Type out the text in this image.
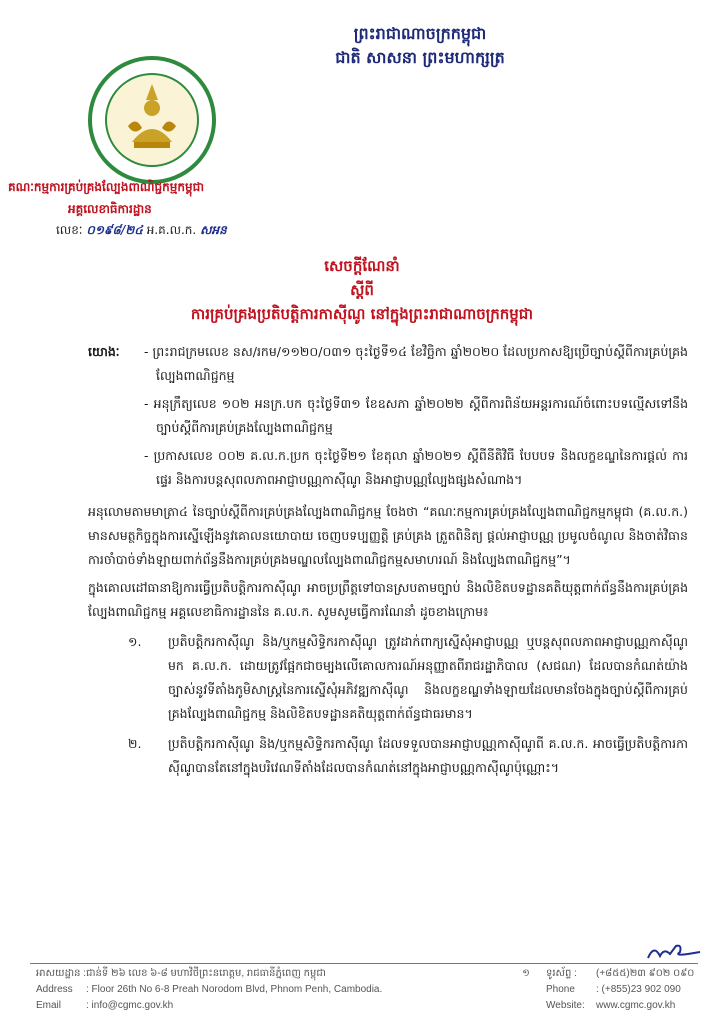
ព្រះរាជាណាចក្រកម្ពុជា
ជាតិ សាសនា ព្រះមហាក្សត្រ
គណៈកម្មការគ្រប់គ្រងល្បែងពាណិជ្ជកម្មកម្ពុជា
អគ្គលេខាធិការដ្ឋាន
លេខៈ ០១៩៨/២៤ អ.គ.ល.ក. សអន
សេចក្តីណែនាំ
ស្តីពី
ការគ្រប់គ្រងប្រតិបត្តិការកាស៊ីណូ នៅក្នុងព្រះរាជាណាចក្រកម្ពុជា
យោងៈ	- ព្រះរាជក្រមលេខ នស/រកម/១១២០/០៣១ ចុះថ្ងៃទី១៤ ខែវិច្ឆិកា ឆ្នាំ២០២០ ដែលប្រកាសឱ្យប្រើច្បាប់ស្តីពីការគ្រប់គ្រងល្បែងពាណិជ្ជកម្ម

- អនុក្រឹត្យលេខ ១០២ អនក្រ.បក ចុះថ្ងៃទី៣១ ខែឧសភា ឆ្នាំ២០២២ ស្តីពីការពិន័យអន្តរការណ៍ចំពោះបទល្មើសទៅនឹងច្បាប់ស្តីពីការគ្រប់គ្រងល្បែងពាណិជ្ជកម្ម

- ប្រកាសលេខ ០០២ គ.ល.ក.ប្រក ចុះថ្ងៃទី២១ ខែតុលា ឆ្នាំ២០២១ ស្តីពីនីតិវិធី បែបបទ និងលក្ខខណ្ឌនៃការផ្តល់ ការផ្ទេរ និងការបន្តសុពលភាពអាជ្ញាបណ្ណកាស៊ីណូ និងអាជ្ញាបណ្ណល្បែងផ្សងសំណាង។

អនុលោមតាមមាត្រា៤ នៃច្បាប់ស្តីពីការគ្រប់គ្រងល្បែងពាណិជ្ជកម្ម ចែងថា “គណៈកម្មការគ្រប់គ្រងល្បែងពាណិជ្ជកម្មកម្ពុជា (គ.ល.ក.) មានសមត្ថកិច្ចក្នុងការស្នើឡើងនូវគោលនយោបាយ ចេញបទប្បញ្ញត្តិ គ្រប់គ្រង ត្រួតពិនិត្យ ផ្តល់អាជ្ញាបណ្ណ ប្រមូលចំណូល និងចាត់វិធានការចាំបាច់ទាំងឡាយពាក់ព័ន្ធនឹងការគ្រប់គ្រងមណ្ឌលល្បែងពាណិជ្ជកម្មសមាហរណ៍ និងល្បែងពាណិជ្ជកម្ម”។

ក្នុងគោលដៅធានាឱ្យការធ្វើប្រតិបត្តិការកាស៊ីណូ អាចប្រព្រឹត្តទៅបានស្របតាមច្បាប់ និងលិខិតបទដ្ឋានគតិយុត្តពាក់ព័ន្ធនឹងការគ្រប់គ្រងល្បែងពាណិជ្ជកម្ម អគ្គលេខាធិការដ្ឋាននៃ គ.ល.ក. សូមសូមធ្វើការណែនាំ ដូចខាងក្រោម៖

១.	ប្រតិបត្តិករកាស៊ីណូ និង/ឬកម្មសិទ្ធិករកាស៊ីណូ ត្រូវដាក់ពាក្យស្នើសុំអាជ្ញាបណ្ណ ឬបន្តសុពលភាពអាជ្ញាបណ្ណកាស៊ីណូ មក គ.ល.ក. ដោយត្រូវផ្អែកជាចម្បងលើគោលការណ៍អនុញ្ញាតពីរាជរដ្ឋាភិបាល (សជណ) ដែលបានកំណត់យ៉ាងច្បាស់នូវទីតាំងភូមិសាស្ត្រនៃការស្នើសុំអភិវឌ្ឍកាស៊ីណូ និងលក្ខខណ្ឌទាំងឡាយដែលមានចែងក្នុងច្បាប់ស្តីពីការគ្រប់គ្រងល្បែងពាណិជ្ជកម្ម និងលិខិតបទដ្ឋានគតិយុត្តពាក់ព័ន្ធជាធរមាន។
២.	ប្រតិបត្តិករកាស៊ីណូ និង/ឬកម្មសិទ្ធិករកាស៊ីណូ ដែលទទួលបានអាជ្ញាបណ្ណកាស៊ីណូពី គ.ល.ក. អាចធ្វើប្រតិបត្តិការកាស៊ីណូបានតែនៅក្នុងបរិវេណទីតាំងដែលបានកំណត់នៅក្នុងអាជ្ញាបណ្ណកាស៊ីណូប៉ុណ្ណោះ។
អាសយដ្ឋាន : ជាន់ទី ២៦ លេខ ៦-៨ មហាវិថីព្រះនរោត្តម, រាជធានីភ្នំពេញ កម្ពុជា	១	ទូរស័ព្ទ :	(+៨៥៥)២៣ ៩០២ ០៩០
Address	: Floor 26th No 6-8 Preah Norodom Blvd, Phnom Penh, Cambodia.	Phone	: (+855)23 902 090
Email	: info@cgmc.gov.kh	Website:	www.cgmc.gov.kh
